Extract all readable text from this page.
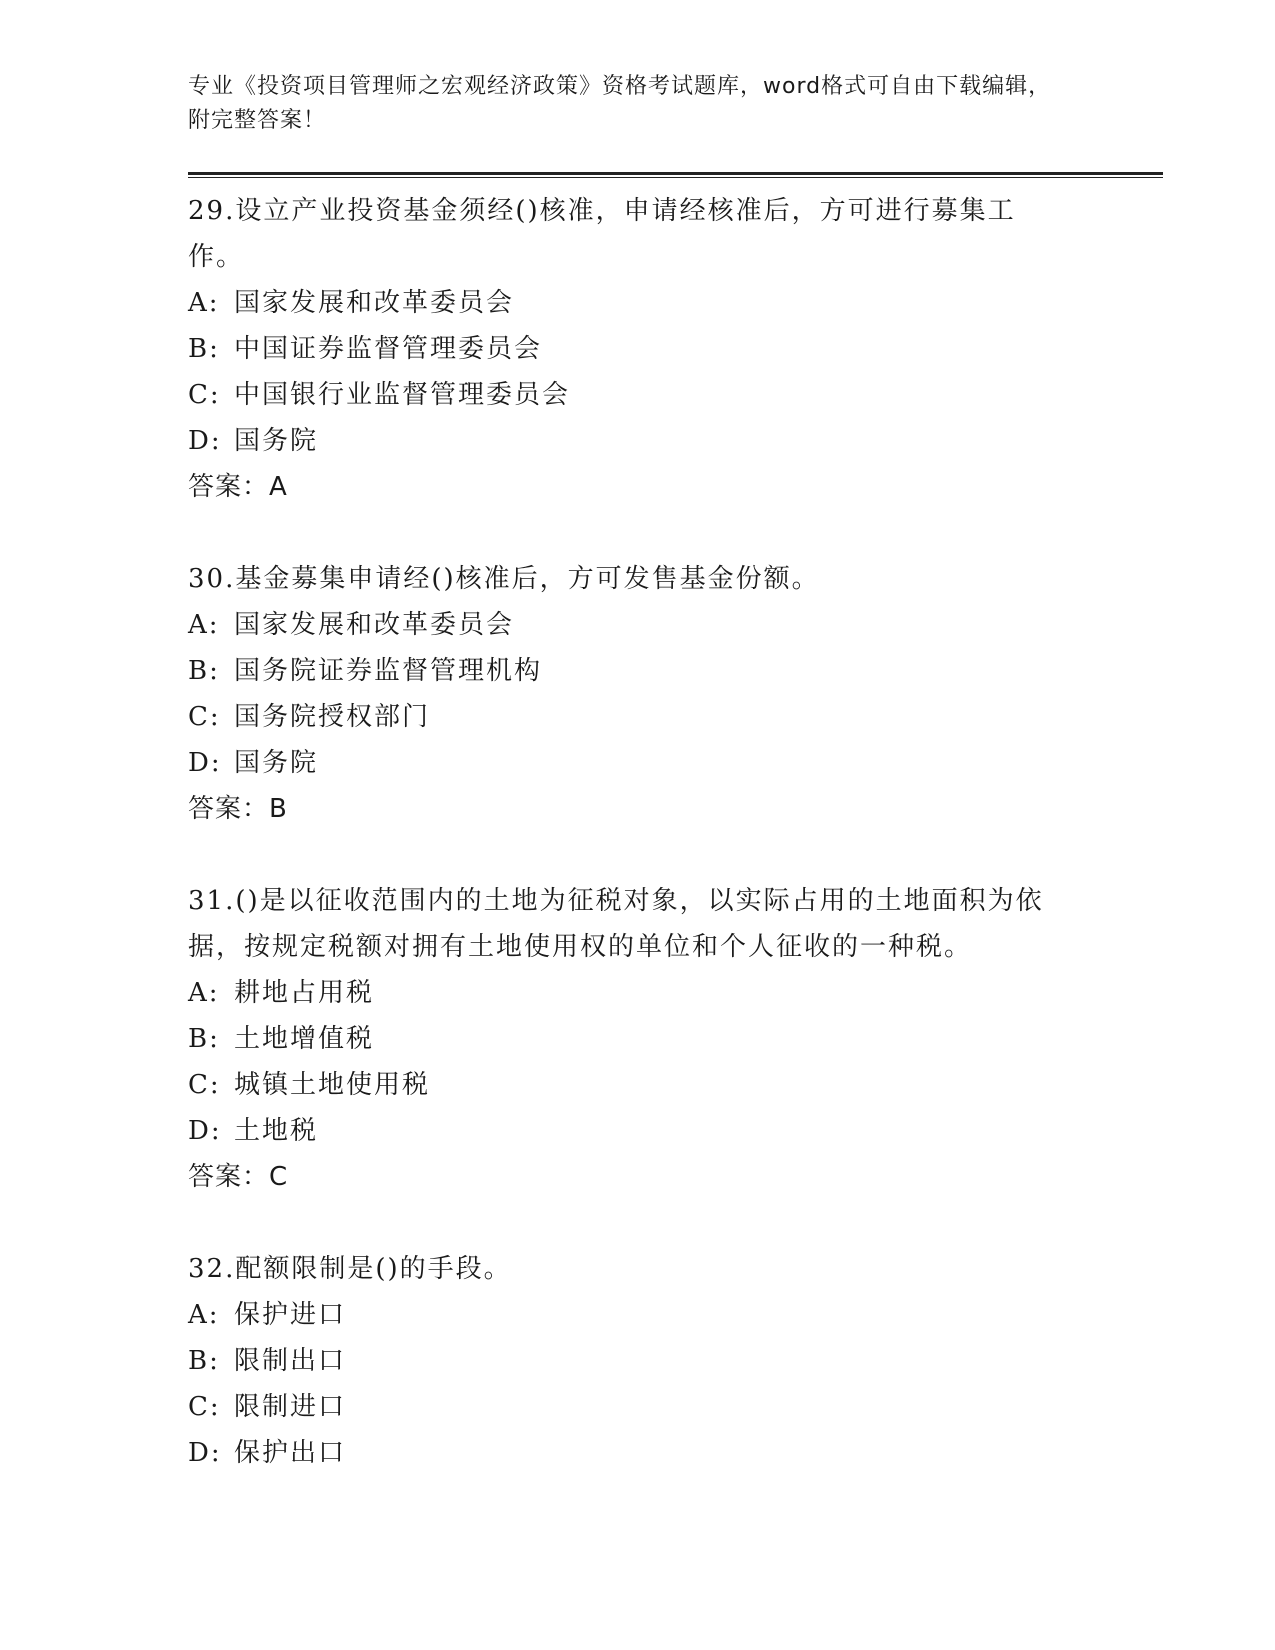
专业《投资项目管理师之宏观经济政策》资格考试题库，word格式可自由下载编辑，附完整答案！

29.设立产业投资基金须经()核准，申请经核准后，方可进行募集工作。

A: 国家发展和改革委员会

B: 中国证券监督管理委员会

C: 中国银行业监督管理委员会

D: 国务院

答案：A

30.基金募集申请经()核准后，方可发售基金份额。

A: 国家发展和改革委员会

B: 国务院证券监督管理机构

C: 国务院授权部门

D: 国务院

答案：B

31.()是以征收范围内的土地为征税对象，以实际占用的土地面积为依据，按规定税额对拥有土地使用权的单位和个人征收的一种税。

A: 耕地占用税

B: 土地增值税

C: 城镇土地使用税

D: 土地税

答案：C

32.配额限制是()的手段。

A: 保护进口

B: 限制出口

C: 限制进口

D: 保护出口
